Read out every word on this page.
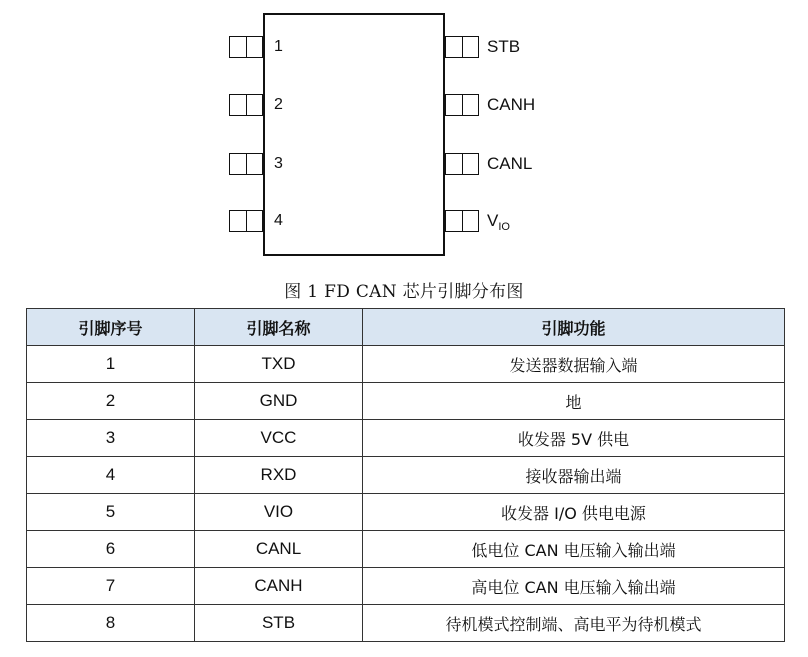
1
2
3
4
STB
CANH
CANL
$V_{IO}$
图 1 FD CAN 芯片引脚分布图
引脚序号	引脚名称	引脚功能
1	TXD	发送器数据输入端
2	GND	地
3	VCC	收发器 5V 供电
4	RXD	接收器输出端
5	VIO	收发器 I/O 供电电源
6	CANL	低电位 CAN 电压输入输出端
7	CANH	高电位 CAN 电压输入输出端
8	STB	待机模式控制端、高电平为待机模式
